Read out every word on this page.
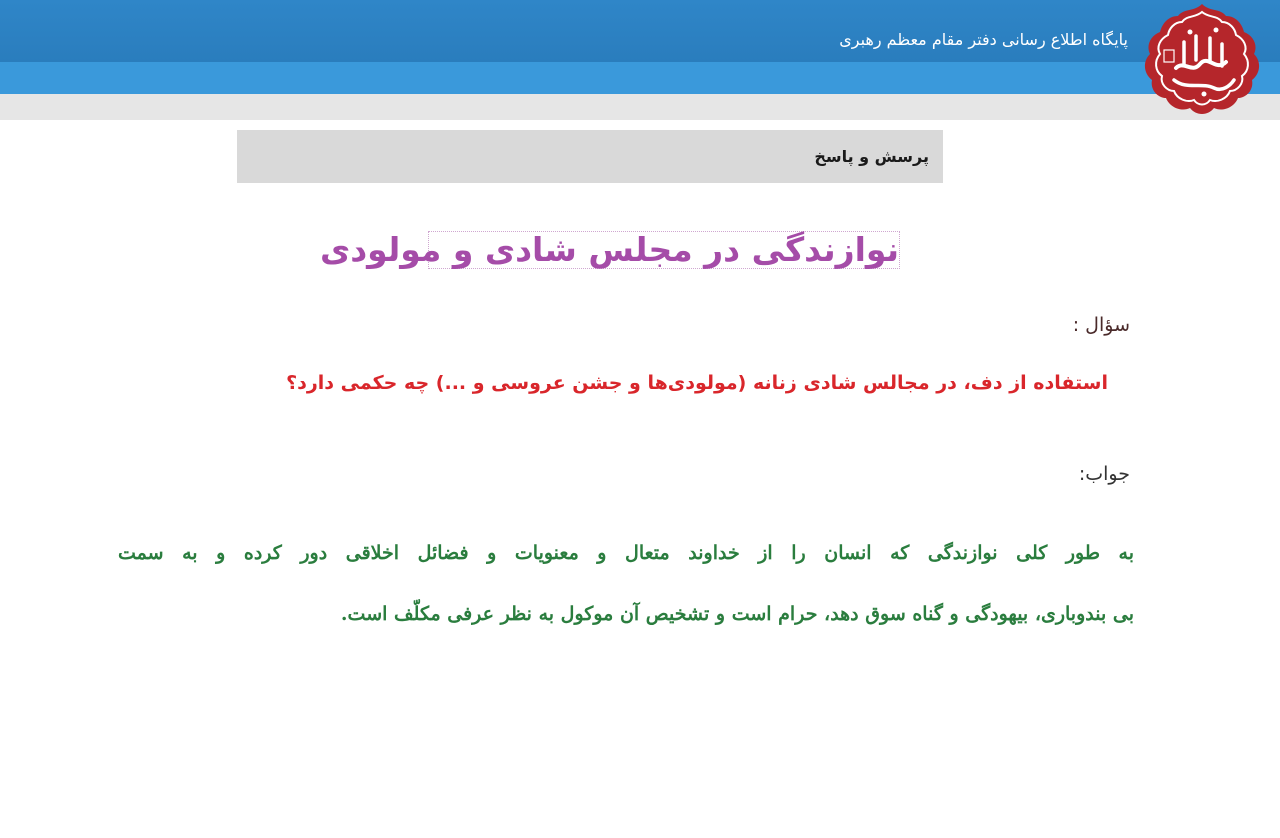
پایگاه اطلاع رسانی دفتر مقام معظم رهبری
پرسش و پاسخ
نوازندگی در مجلس شادی و مولودی
سؤال :
استفاده از دف، در مجالس شادی زنانه (مولودی‌ها و جشن عروسی و ...) چه حکمی دارد؟
جواب:
به طور کلی نوازندگی که انسان را از خداوند متعال و معنویات و فضائل اخلاقی دور کرده و به سمت
بی بندوباری، بیهودگی و گناه سوق دهد، حرام است و تشخیص آن موکول به نظر عرفی مکلّف است.
